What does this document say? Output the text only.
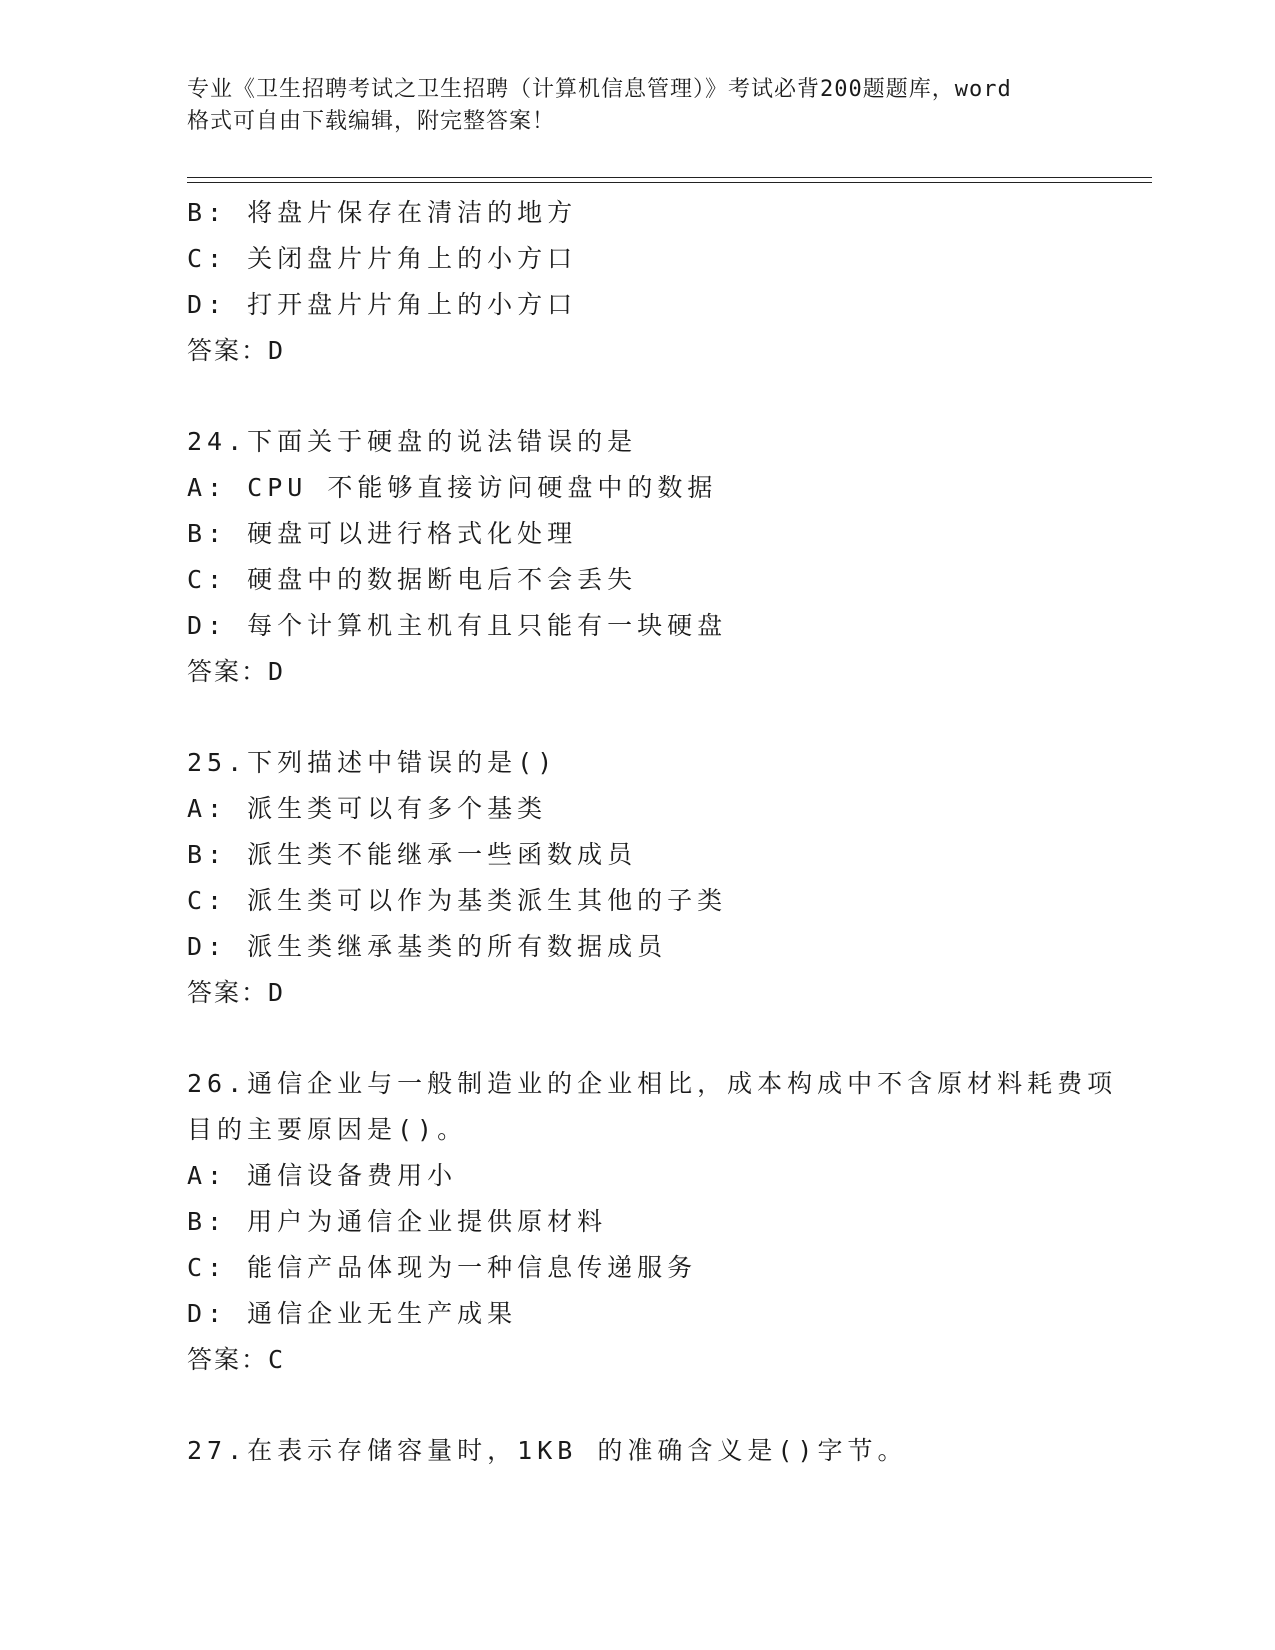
专业《卫生招聘考试之卫生招聘（计算机信息管理）》考试必背200题题库，word
格式可自由下载编辑，附完整答案！
B: 将盘片保存在清洁的地方
C: 关闭盘片片角上的小方口
D: 打开盘片片角上的小方口
答案：D
24.下面关于硬盘的说法错误的是
A: CPU 不能够直接访问硬盘中的数据
B: 硬盘可以进行格式化处理
C: 硬盘中的数据断电后不会丢失
D: 每个计算机主机有且只能有一块硬盘
答案：D
25.下列描述中错误的是()
A: 派生类可以有多个基类
B: 派生类不能继承一些函数成员
C: 派生类可以作为基类派生其他的子类
D: 派生类继承基类的所有数据成员
答案：D
26.通信企业与一般制造业的企业相比，成本构成中不含原材料耗费项
目的主要原因是()。
A: 通信设备费用小
B: 用户为通信企业提供原材料
C: 能信产品体现为一种信息传递服务
D: 通信企业无生产成果
答案：C
27.在表示存储容量时，1KB 的准确含义是()字节。
